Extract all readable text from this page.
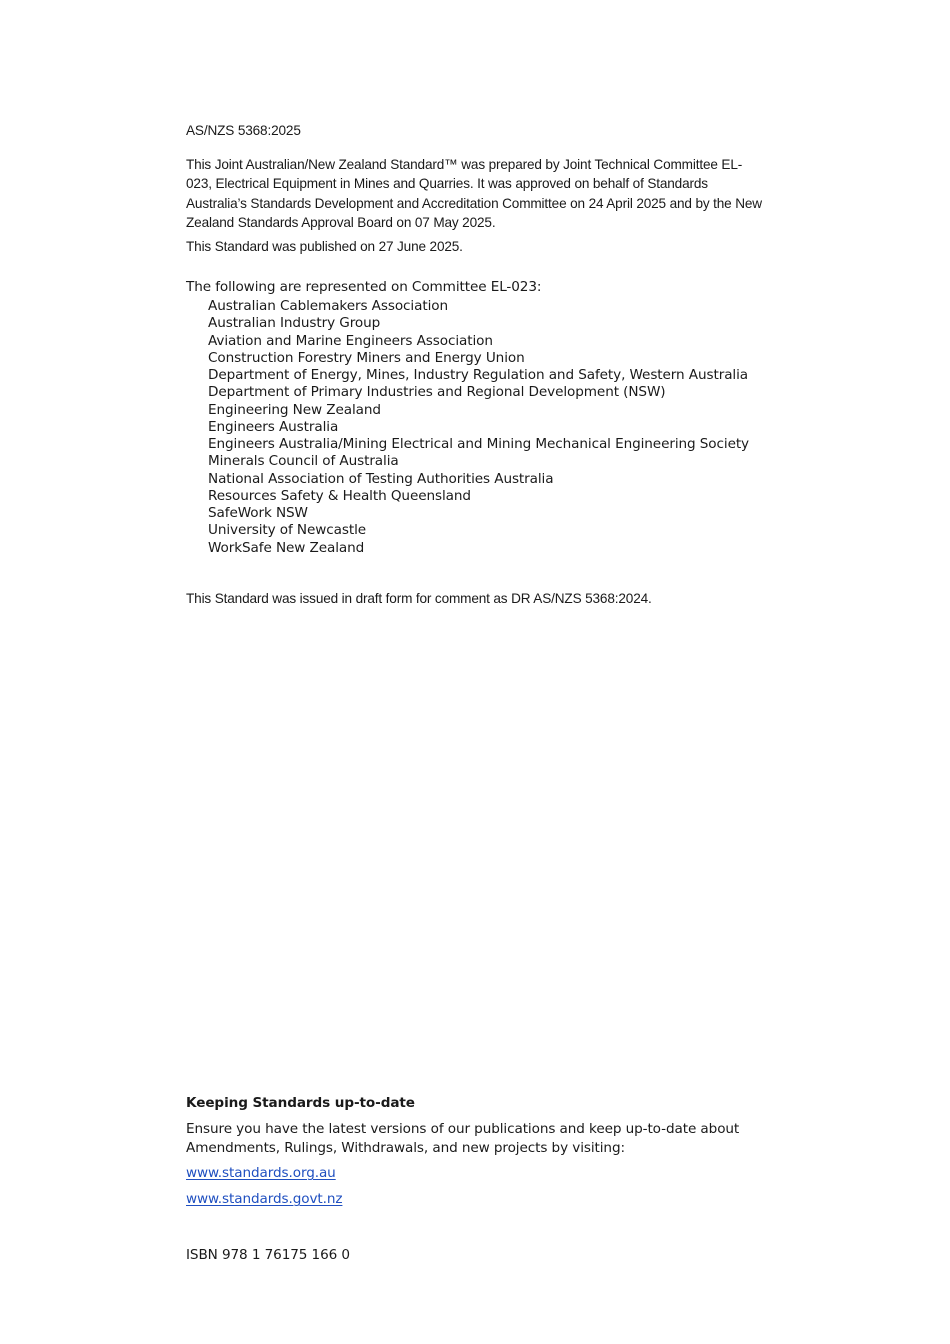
AS/NZS 5368:2025

This Joint Australian/New Zealand Standard™ was prepared by Joint Technical Committee EL-023, Electrical Equipment in Mines and Quarries. It was approved on behalf of Standards Australia’s Standards Development and Accreditation Committee on 24 April 2025 and by the New Zealand Standards Approval Board on 07 May 2025.

This Standard was published on 27 June 2025.

The following are represented on Committee EL-023:

Australian Cablemakers Association
Australian Industry Group
Aviation and Marine Engineers Association
Construction Forestry Miners and Energy Union
Department of Energy, Mines, Industry Regulation and Safety, Western Australia
Department of Primary Industries and Regional Development (NSW)
Engineering New Zealand
Engineers Australia
Engineers Australia/Mining Electrical and Mining Mechanical Engineering Society
Minerals Council of Australia
National Association of Testing Authorities Australia
Resources Safety & Health Queensland
SafeWork NSW
University of Newcastle
WorkSafe New Zealand

This Standard was issued in draft form for comment as DR AS/NZS 5368:2024.

Keeping Standards up-to-date

Ensure you have the latest versions of our publications and keep up-to-date about Amendments, Rulings, Withdrawals, and new projects by visiting:

www.standards.org.au
www.standards.govt.nz

ISBN 978 1 76175 166 0
